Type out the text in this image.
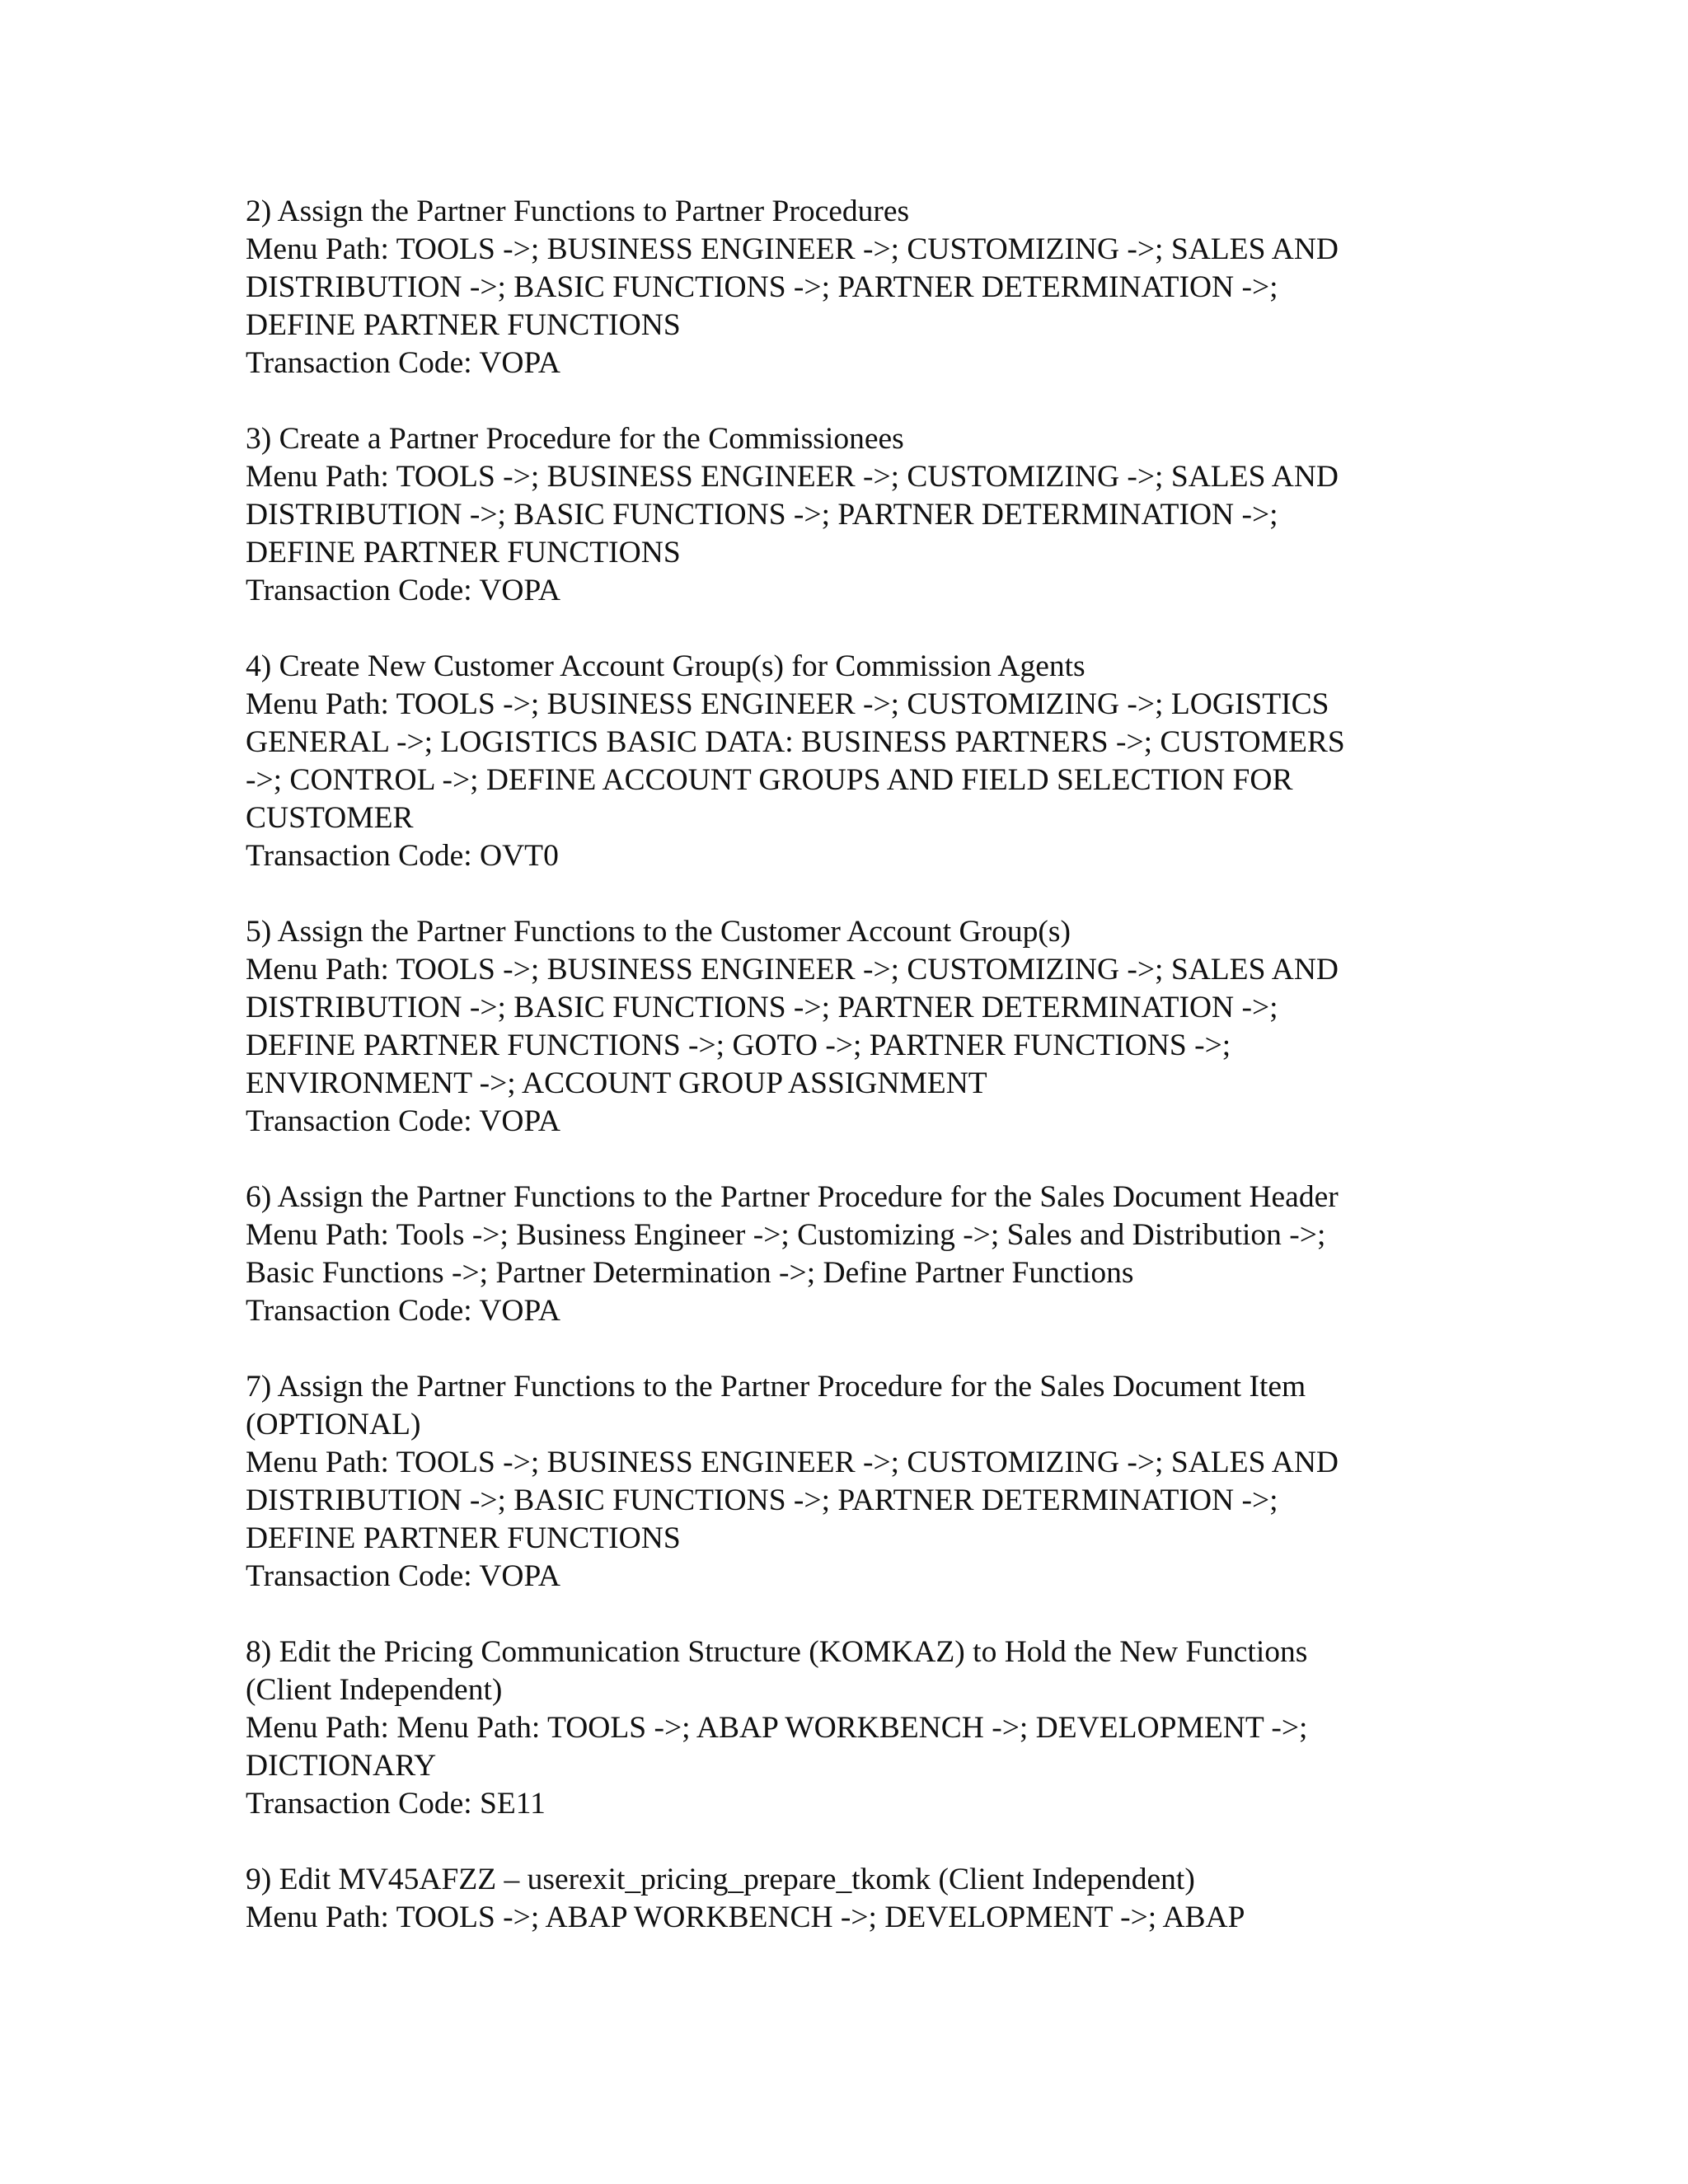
2) Assign the Partner Functions to Partner Procedures
Menu Path: TOOLS ->; BUSINESS ENGINEER ->; CUSTOMIZING ->; SALES AND
DISTRIBUTION ->; BASIC FUNCTIONS ->; PARTNER DETERMINATION ->;
DEFINE PARTNER FUNCTIONS
Transaction Code: VOPA
3) Create a Partner Procedure for the Commissionees
Menu Path: TOOLS ->; BUSINESS ENGINEER ->; CUSTOMIZING ->; SALES AND
DISTRIBUTION ->; BASIC FUNCTIONS ->; PARTNER DETERMINATION ->;
DEFINE PARTNER FUNCTIONS
Transaction Code: VOPA
4) Create New Customer Account Group(s) for Commission Agents
Menu Path: TOOLS ->; BUSINESS ENGINEER ->; CUSTOMIZING ->; LOGISTICS
GENERAL ->; LOGISTICS BASIC DATA: BUSINESS PARTNERS ->; CUSTOMERS
->; CONTROL ->; DEFINE ACCOUNT GROUPS AND FIELD SELECTION FOR
CUSTOMER
Transaction Code: OVT0
5) Assign the Partner Functions to the Customer Account Group(s)
Menu Path: TOOLS ->; BUSINESS ENGINEER ->; CUSTOMIZING ->; SALES AND
DISTRIBUTION ->; BASIC FUNCTIONS ->; PARTNER DETERMINATION ->;
DEFINE PARTNER FUNCTIONS ->; GOTO ->; PARTNER FUNCTIONS ->;
ENVIRONMENT ->; ACCOUNT GROUP ASSIGNMENT
Transaction Code: VOPA
6) Assign the Partner Functions to the Partner Procedure for the Sales Document Header
Menu Path: Tools ->; Business Engineer ->; Customizing ->; Sales and Distribution ->;
Basic Functions ->; Partner Determination ->; Define Partner Functions
Transaction Code: VOPA
7) Assign the Partner Functions to the Partner Procedure for the Sales Document Item
(OPTIONAL)
Menu Path: TOOLS ->; BUSINESS ENGINEER ->; CUSTOMIZING ->; SALES AND
DISTRIBUTION ->; BASIC FUNCTIONS ->; PARTNER DETERMINATION ->;
DEFINE PARTNER FUNCTIONS
Transaction Code: VOPA
8) Edit the Pricing Communication Structure (KOMKAZ) to Hold the New Functions
(Client Independent)
Menu Path: Menu Path: TOOLS ->; ABAP WORKBENCH ->; DEVELOPMENT ->;
DICTIONARY
Transaction Code: SE11
9) Edit MV45AFZZ – userexit_pricing_prepare_tkomk (Client Independent)
Menu Path: TOOLS ->; ABAP WORKBENCH ->; DEVELOPMENT ->; ABAP
